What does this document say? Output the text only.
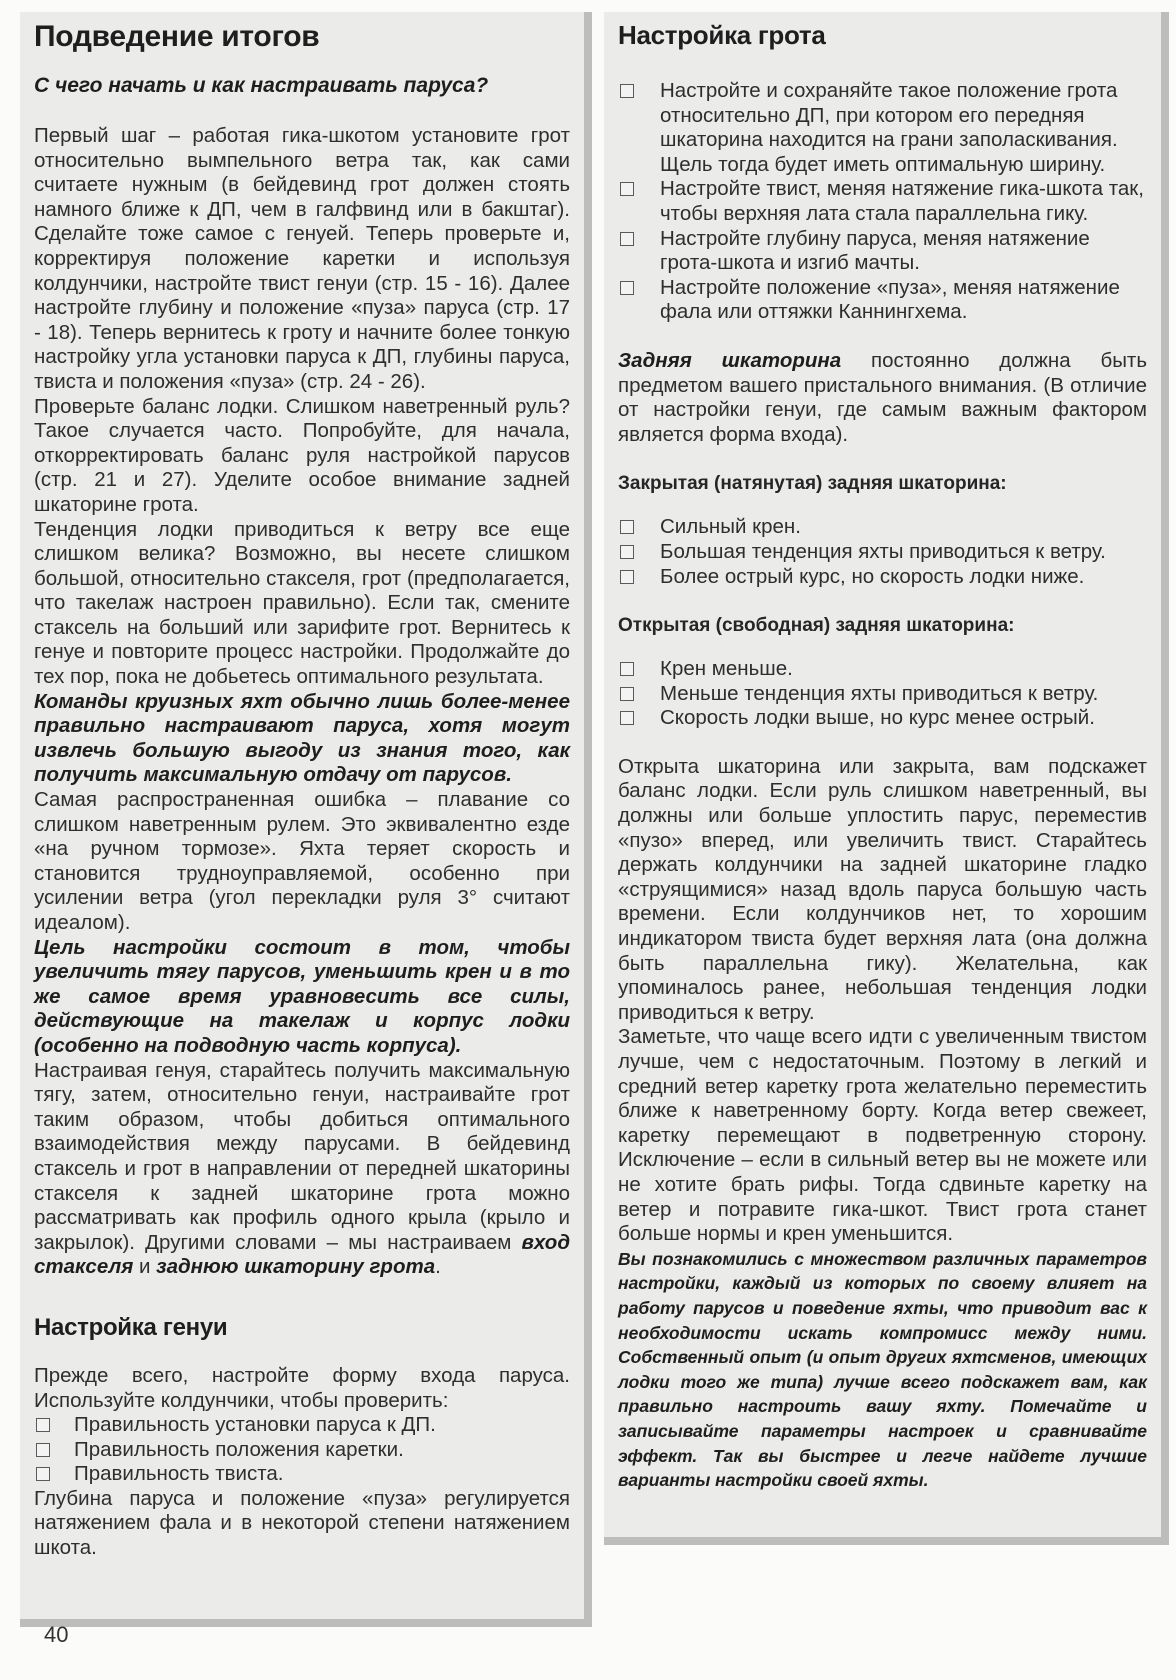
Подведение итогов
С чего начать и как настраивать паруса?

Первый шаг – работая гика-шкотом установите грот относительно вымпельного ветра так, как сами считаете нужным (в бейдевинд грот должен стоять намного ближе к ДП, чем в галфвинд или в бакштаг). Сделайте тоже самое с генуей. Теперь проверьте и, корректируя положение каретки и используя колдунчики, настройте твист генуи (стр. 15 - 16). Далее настройте глубину и положение «пуза» паруса (стр. 17 - 18). Теперь вернитесь к гроту и начните более тонкую настройку угла установки паруса к ДП, глубины паруса, твиста и положения «пуза» (стр. 24 - 26).

Проверьте баланс лодки. Слишком наветренный руль? Такое случается часто. Попробуйте, для начала, откорректировать баланс руля настройкой парусов (стр. 21 и 27). Уделите особое внимание задней шкаторине грота.

Тенденция лодки приводиться к ветру все еще слишком велика? Возможно, вы несете слишком большой, относительно стакселя, грот (предполагается, что такелаж настроен правильно). Если так, смените стаксель на больший или зарифите грот. Вернитесь к генуе и повторите процесс настройки. Продолжайте до тех пор, пока не добьетесь оптимального результата.

Команды круизных яхт обычно лишь более-менее правильно настраивают паруса, хотя могут извлечь большую выгоду из знания того, как получить максимальную отдачу от парусов.

Самая распространенная ошибка – плавание со слишком наветренным рулем. Это эквивалентно езде «на ручном тормозе». Яхта теряет скорость и становится трудноуправляемой, особенно при усилении ветра (угол перекладки руля 3° считают идеалом).

Цель настройки состоит в том, чтобы увеличить тягу парусов, уменьшить крен и в то же самое время уравновесить все силы, действующие на такелаж и корпус лодки (особенно на подводную часть корпуса).

Настраивая генуя, старайтесь получить максимальную тягу, затем, относительно генуи, настраивайте грот таким образом, чтобы добиться оптимального взаимодействия между парусами. В бейдевинд стаксель и грот в направлении от передней шкаторины стакселя к задней шкаторине грота можно рассматривать как профиль одного крыла (крыло и закрылок). Другими словами – мы настраиваем вход стакселя и заднюю шкаторину грота.

Настройка генуи

Прежде всего, настройте форму входа паруса. Используйте колдунчики, чтобы проверить:

Правильность установки паруса к ДП.
Правильность положения каретки.
Правильность твиста.

Глубина паруса и положение «пуза» регулируется натяжением фала и в некоторой степени натяжением шкота.

Настройка грота
Настройте и сохраняйте такое положение грота относительно ДП, при котором его передняя шкаторина находится на грани заполаскивания. Щель тогда будет иметь оптимальную ширину.
Настройте твист, меняя натяжение гика-шкота так, чтобы верхняя лата стала параллельна гику.
Настройте глубину паруса, меняя натяжение грота-шкота и изгиб мачты.
Настройте положение «пуза», меняя натяжение фала или оттяжки Каннингхема.

Задняя шкаторина постоянно должна быть предметом вашего пристального внимания. (В отличие от настройки генуи, где самым важным фактором является форма входа).

Закрытая (натянутая) задняя шкаторина:
Сильный крен.
Большая тенденция яхты приводиться к ветру.
Более острый курс, но скорость лодки ниже.
Открытая (свободная) задняя шкаторина:
Крен меньше.
Меньше тенденция яхты приводиться к ветру.
Скорость лодки выше, но курс менее острый.

Открыта шкаторина или закрыта, вам подскажет баланс лодки. Если руль слишком наветренный, вы должны или больше уплостить парус, переместив «пузо» вперед, или увеличить твист. Старайтесь держать колдунчики на задней шкаторине гладко «струящимися» назад вдоль паруса большую часть времени. Если колдунчиков нет, то хорошим индикатором твиста будет верхняя лата (она должна быть параллельна гику). Желательна, как упоминалось ранее, небольшая тенденция лодки приводиться к ветру.

Заметьте, что чаще всего идти с увеличенным твистом лучше, чем с недостаточным. Поэтому в легкий и средний ветер каретку грота желательно переместить ближе к наветренному борту. Когда ветер свежеет, каретку перемещают в подветренную сторону. Исключение – если в сильный ветер вы не можете или не хотите брать рифы. Тогда сдвиньте каретку на ветер и потравите гика-шкот. Твист грота станет больше нормы и крен уменьшится.

Вы познакомились с множеством различных параметров настройки, каждый из которых по своему влияет на работу парусов и поведение яхты, что приводит вас к необходимости искать компромисс между ними. Собственный опыт (и опыт других яхтсменов, имеющих лодки того же типа) лучше всего подскажет вам, как правильно настроить вашу яхту. Помечайте и записывайте параметры настроек и сравнивайте эффект. Так вы быстрее и легче найдете лучшие варианты настройки своей яхты.

40
